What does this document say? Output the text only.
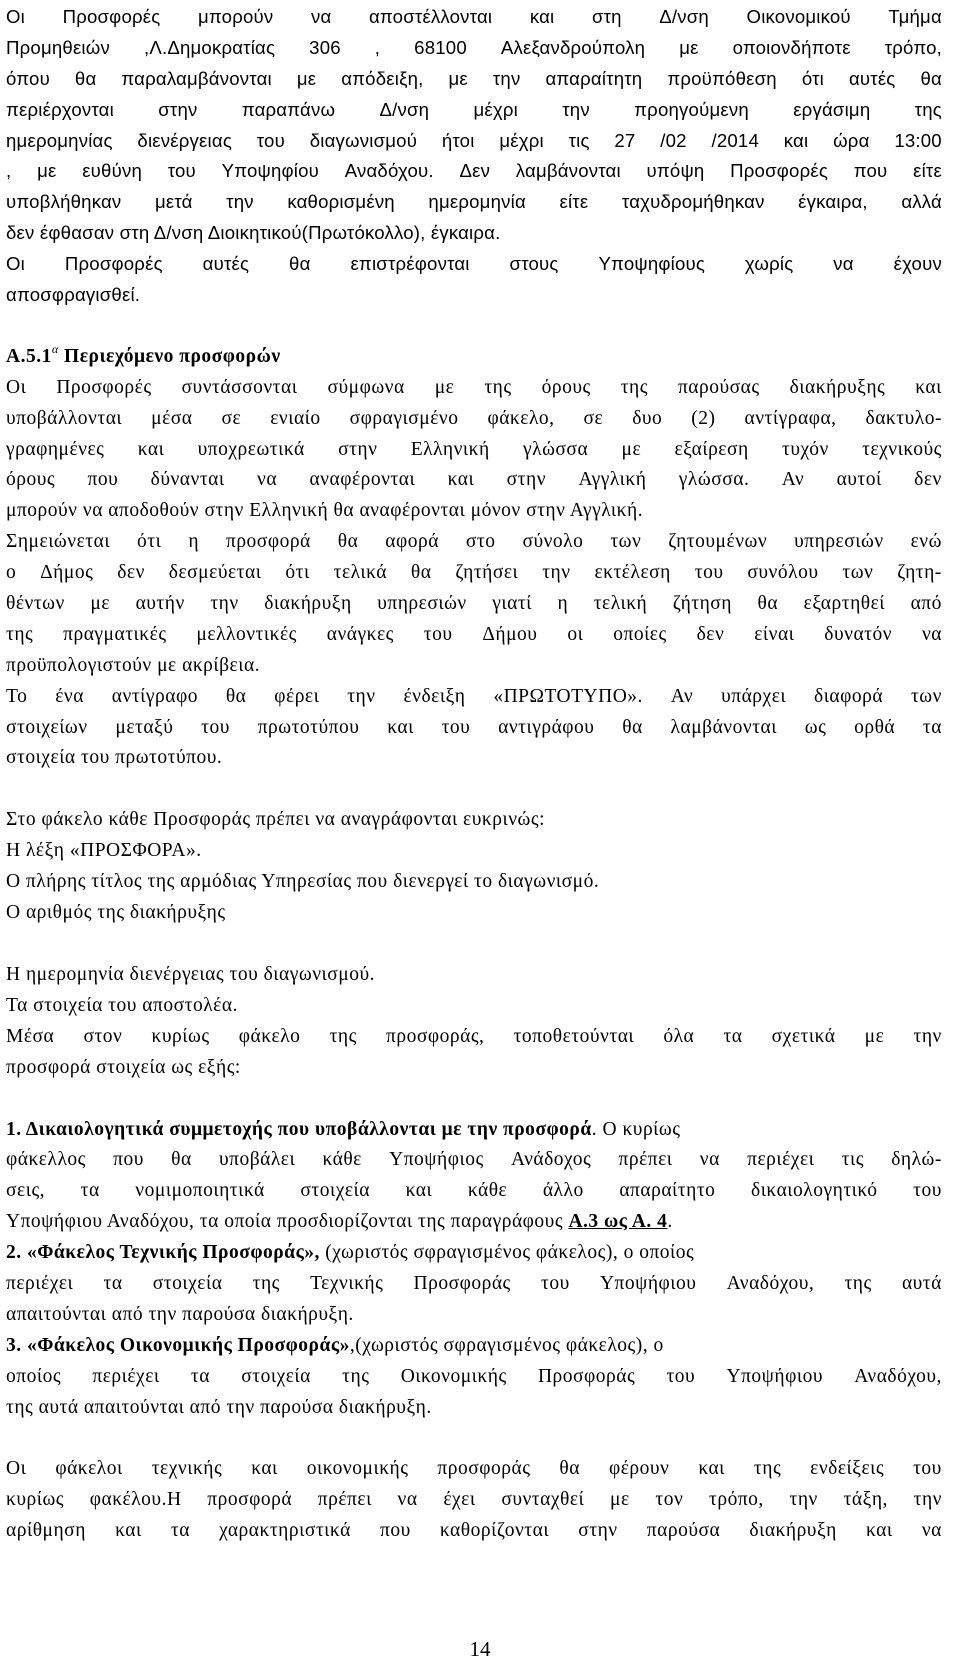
Οι Προσφορές μπορούν να αποστέλλονται και στη Δ/νση Οικονομικού Τμήμα
Προμηθειών ,Λ.Δημοκρατίας 306 , 68100 Αλεξανδρούπολη με οποιονδήποτε τρόπο,
όπου θα παραλαμβάνονται με απόδειξη, με την απαραίτητη προϋπόθεση ότι αυτές θα
περιέρχονται στην παραπάνω Δ/νση μέχρι την προηγούμενη εργάσιμη της
ημερομηνίας διενέργειας του διαγωνισμού ήτοι μέχρι τις 27 /02 /2014 και ώρα 13:00
, με ευθύνη του Υποψηφίου Αναδόχου. Δεν λαμβάνονται υπόψη Προσφορές που είτε
υποβλήθηκαν μετά την καθορισμένη ημερομηνία είτε ταχυδρομήθηκαν έγκαιρα, αλλά
δεν έφθασαν στη Δ/νση Διοικητικού(Πρωτόκολλο), έγκαιρα.
Οι Προσφορές αυτές θα επιστρέφονται στους Υποψηφίους χωρίς να έχουν
αποσφραγισθεί.
$A.5.1^\alpha$ Περιεχόμενο προσφορών
Οι Προσφορές συντάσσονται σύμφωνα με της όρους της παρούσας διακήρυξης και
υποβάλλονται μέσα σε ενιαίο σφραγισμένο φάκελο, σε δυο (2) αντίγραφα, δακτυλο-
γραφημένες και υποχρεωτικά στην Ελληνική γλώσσα με εξαίρεση τυχόν τεχνικούς
όρους που δύνανται να αναφέρονται και στην Αγγλική γλώσσα. Αν αυτοί δεν
μπορούν να αποδοθούν στην Ελληνική θα αναφέρονται μόνον στην Αγγλική.
Σημειώνεται ότι η προσφορά θα αφορά στο σύνολο των ζητουμένων υπηρεσιών ενώ
ο Δήμος δεν δεσμεύεται ότι τελικά θα ζητήσει την εκτέλεση του συνόλου των ζητη-
θέντων με αυτήν την διακήρυξη υπηρεσιών γιατί η τελική ζήτηση θα εξαρτηθεί από
της πραγματικές μελλοντικές ανάγκες του Δήμου οι οποίες δεν είναι δυνατόν να
προϋπολογιστούν με ακρίβεια.
Το ένα αντίγραφο θα φέρει την ένδειξη «ΠΡΩΤΟΤΥΠΟ». Αν υπάρχει διαφορά των
στοιχείων μεταξύ του πρωτοτύπου και του αντιγράφου θα λαμβάνονται ως ορθά τα
στοιχεία του πρωτοτύπου.
Στο φάκελο κάθε Προσφοράς πρέπει να αναγράφονται ευκρινώς:
Η λέξη «ΠΡΟΣΦΟΡΑ».
Ο πλήρης τίτλος της αρμόδιας Υπηρεσίας που διενεργεί το διαγωνισμό.
Ο αριθμός της διακήρυξης
Η ημερομηνία διενέργειας του διαγωνισμού.
Τα στοιχεία του αποστολέα.
Μέσα στον κυρίως φάκελο της προσφοράς, τοποθετούνται όλα τα σχετικά με την
προσφορά στοιχεία ως εξής:
1. Δικαιολογητικά συμμετοχής που υποβάλλονται με την προσφορά. Ο κυρίως
φάκελλος που θα υποβάλει κάθε Υποψήφιος Ανάδοχος πρέπει να περιέχει τις δηλώ-
σεις, τα νομιμοποιητικά στοιχεία και κάθε άλλο απαραίτητο δικαιολογητικό του
Υποψήφιου Αναδόχου, τα οποία προσδιορίζονται της παραγράφους Α.3 ως Α. 4.
2. «Φάκελος Τεχνικής Προσφοράς», (χωριστός σφραγισμένος φάκελος), ο οποίος
περιέχει τα στοιχεία της Τεχνικής Προσφοράς του Υποψήφιου Αναδόχου, της αυτά
απαιτούνται από την παρούσα διακήρυξη.
3. «Φάκελος Οικονομικής Προσφοράς»,(χωριστός σφραγισμένος φάκελος), ο
οποίος περιέχει τα στοιχεία της Οικονομικής Προσφοράς του Υποψήφιου Αναδόχου,
της αυτά απαιτούνται από την παρούσα διακήρυξη.
Οι φάκελοι τεχνικής και οικονομικής προσφοράς θα φέρουν και της ενδείξεις του
κυρίως φακέλου.Η προσφορά πρέπει να έχει συνταχθεί με τον τρόπο, την τάξη, την
αρίθμηση και τα χαρακτηριστικά που καθορίζονται στην παρούσα διακήρυξη και να
14
